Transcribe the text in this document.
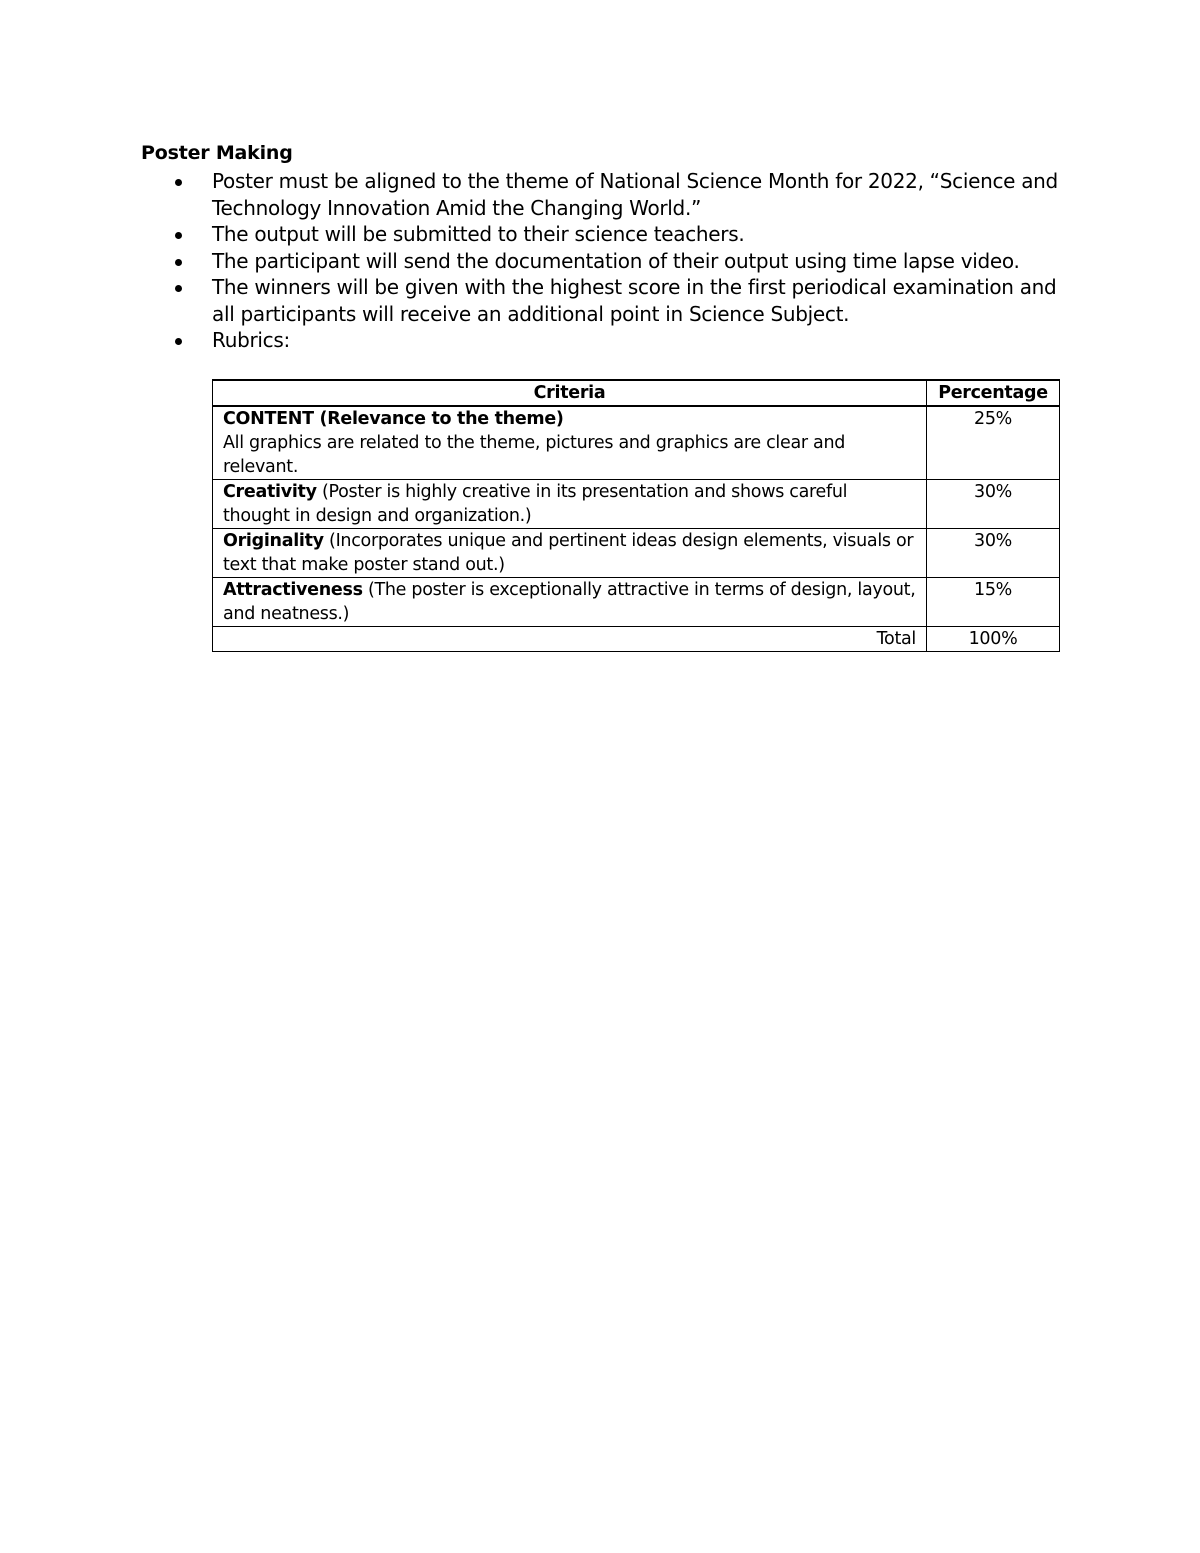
Poster Making
Poster must be aligned to the theme of National Science Month for 2022, “Science and Technology Innovation Amid the Changing World.”
The output will be submitted to their science teachers.
The participant will send the documentation of their output using time lapse video.
The winners will be given with the highest score in the first periodical examination and all participants will receive an additional point in Science Subject.
Rubrics:
Criteria	Percentage
CONTENT (Relevance to the theme)
All graphics are related to the theme, pictures and graphics are clear and relevant.	25%
Creativity (Poster is highly creative in its presentation and shows careful thought in design and organization.)	30%
Originality (Incorporates unique and pertinent ideas design elements, visuals or text that make poster stand out.)	30%
Attractiveness (The poster is exceptionally attractive in terms of design, layout, and neatness.)	15%
Total	100%
